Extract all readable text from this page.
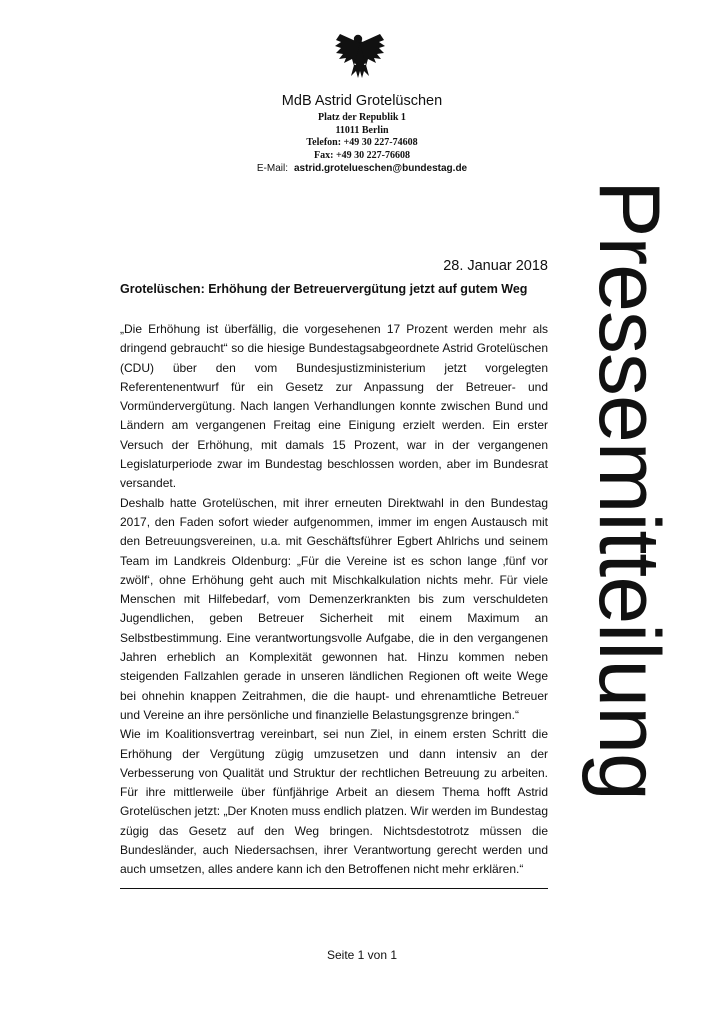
MdB Astrid Grotelüschen
Platz der Republik 1
11011 Berlin
Telefon: +49 30 227-74608
Fax: +49 30 227-76608
E-Mail: astrid.grotelueschen@bundestag.de
Pressemitteilung
28. Januar 2018
Grotelüschen: Erhöhung der Betreuervergütung jetzt auf gutem Weg

„Die Erhöhung ist überfällig, die vorgesehenen 17 Prozent werden mehr als dringend gebraucht“ so die hiesige Bundestagsabgeordnete Astrid Grotelüschen (CDU) über den vom Bundesjustizministerium jetzt vorgelegten Referentenentwurf für ein Gesetz zur Anpassung der Betreuer- und Vormündervergütung. Nach langen Verhandlungen konnte zwischen Bund und Ländern am vergangenen Freitag eine Einigung erzielt werden. Ein erster Versuch der Erhöhung, mit damals 15 Prozent, war in der vergangenen Legislaturperiode zwar im Bundestag beschlossen worden, aber im Bundesrat versandet.

Deshalb hatte Grotelüschen, mit ihrer erneuten Direktwahl in den Bundestag 2017, den Faden sofort wieder aufgenommen, immer im engen Austausch mit den Betreuungsvereinen, u.a. mit Geschäftsführer Egbert Ahlrichs und seinem Team im Landkreis Oldenburg: „Für die Vereine ist es schon lange ‚fünf vor zwölf‘, ohne Erhöhung geht auch mit Mischkalkulation nichts mehr. Für viele Menschen mit Hilfebedarf, vom Demenzerkrankten bis zum verschuldeten Jugendlichen, geben Betreuer Sicherheit mit einem Maximum an Selbstbestimmung. Eine verantwortungsvolle Aufgabe, die in den vergangenen Jahren erheblich an Komplexität gewonnen hat. Hinzu kommen neben steigenden Fallzahlen gerade in unseren ländlichen Regionen oft weite Wege bei ohnehin knappen Zeitrahmen, die die haupt- und ehrenamtliche Betreuer und Vereine an ihre persönliche und finanzielle Belastungsgrenze bringen.“

Wie im Koalitionsvertrag vereinbart, sei nun Ziel, in einem ersten Schritt die Erhöhung der Vergütung zügig umzusetzen und dann intensiv an der Verbesserung von Qualität und Struktur der rechtlichen Betreuung zu arbeiten. Für ihre mittlerweile über fünfjährige Arbeit an diesem Thema hofft Astrid Grotelüschen jetzt: „Der Knoten muss endlich platzen. Wir werden im Bundestag zügig das Gesetz auf den Weg bringen. Nichtsdestotrotz müssen die Bundesländer, auch Niedersachsen, ihrer Verantwortung gerecht werden und auch umsetzen, alles andere kann ich den Betroffenen nicht mehr erklären.“

Seite 1 von 1
